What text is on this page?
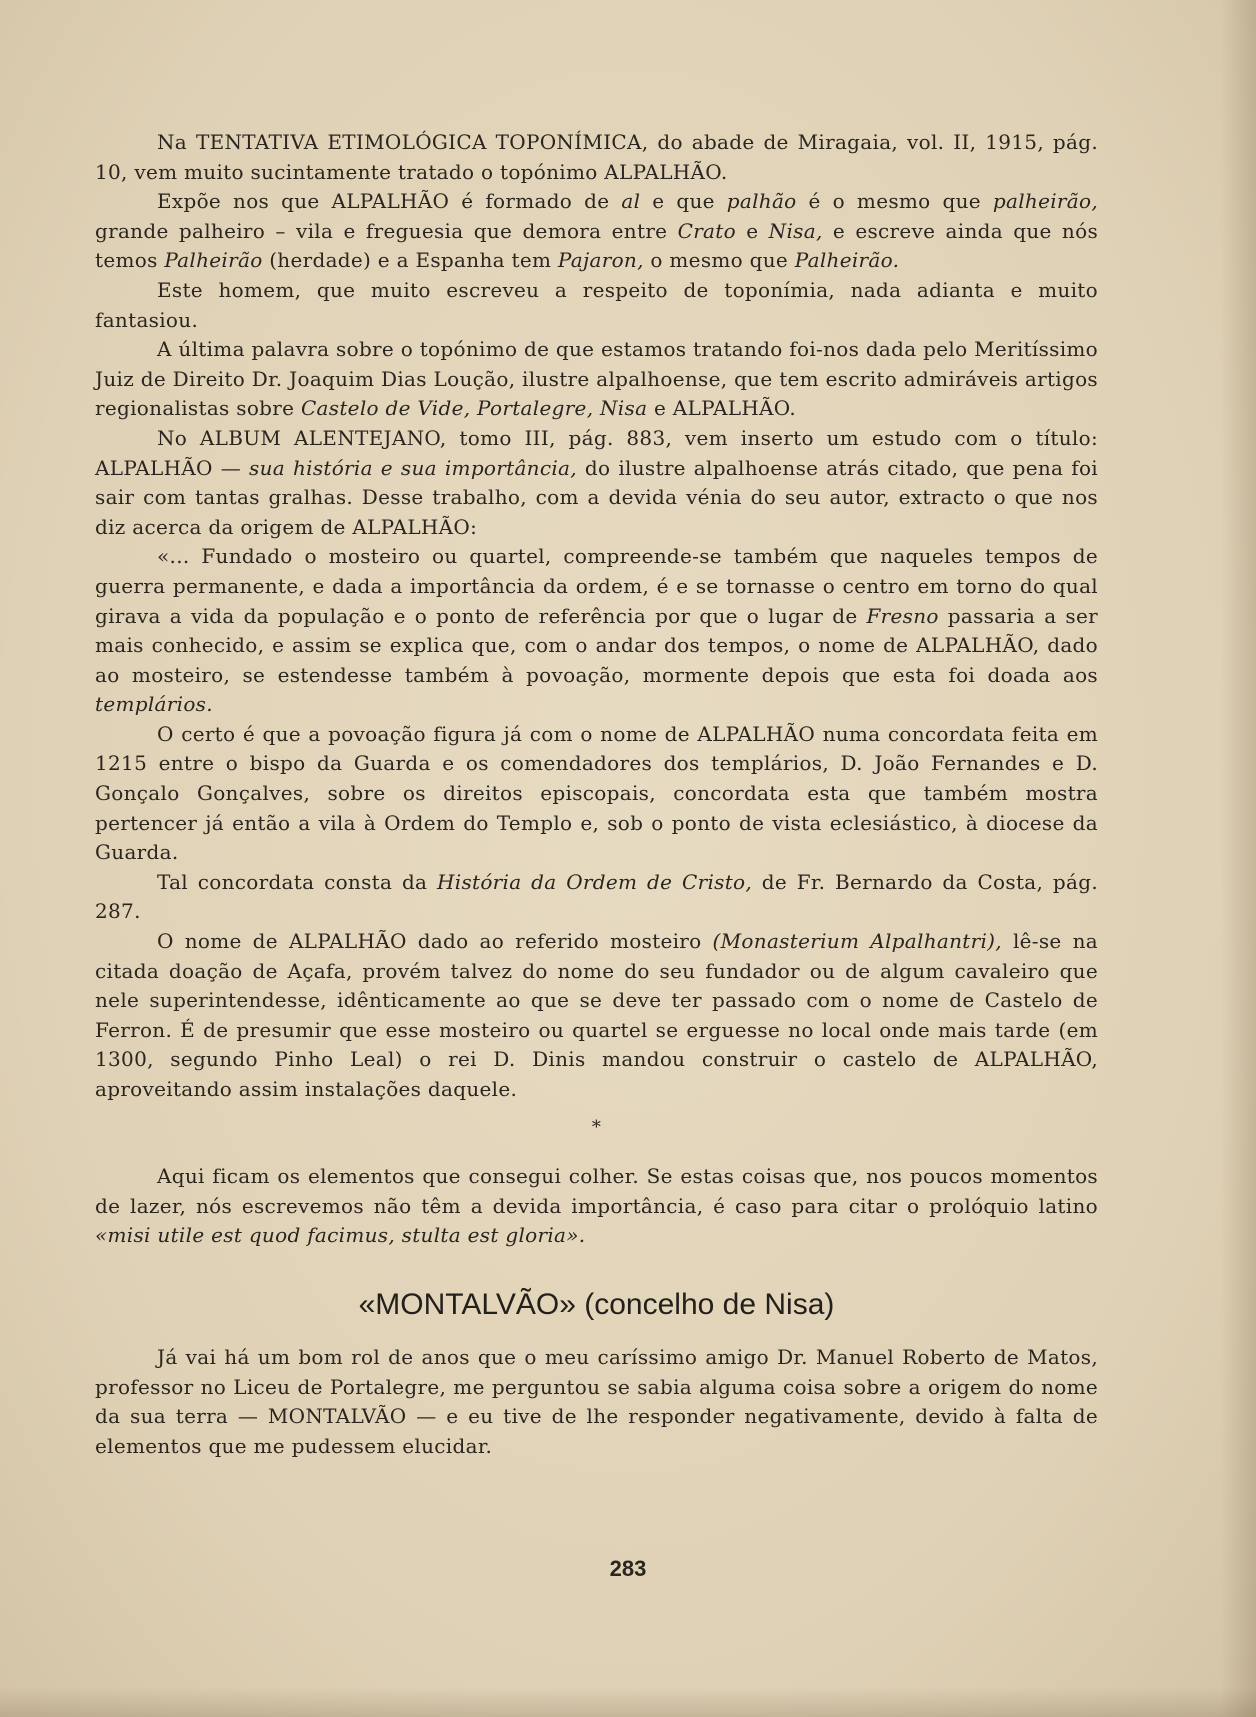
Na TENTATIVA ETIMOLÓGICA TOPONÍMICA, do abade de Miragaia, vol. II, 1915, pág. 10, vem muito sucintamente tratado o topónimo ALPALHÃO.

Expõe nos que ALPALHÃO é formado de al e que palhão é o mesmo que palheirão, grande palheiro – vila e freguesia que demora entre Crato e Nisa, e escreve ainda que nós temos Palheirão (herdade) e a Espanha tem Pajaron, o mesmo que Palheirão.

Este homem, que muito escreveu a respeito de toponímia, nada adianta e muito fantasiou.

A última palavra sobre o topónimo de que estamos tratando foi-nos dada pelo Meritíssimo Juiz de Direito Dr. Joaquim Dias Loução, ilustre alpalhoense, que tem escrito admiráveis artigos regionalistas sobre Castelo de Vide, Portalegre, Nisa e ALPALHÃO.

No ALBUM ALENTEJANO, tomo III, pág. 883, vem inserto um estudo com o título: ALPALHÃO — sua história e sua importância, do ilustre alpalhoense atrás citado, que pena foi sair com tantas gralhas. Desse trabalho, com a devida vénia do seu autor, extracto o que nos diz acerca da origem de ALPALHÃO:

«... Fundado o mosteiro ou quartel, compreende-se também que naqueles tempos de guerra permanente, e dada a importância da ordem, é e se tornasse o centro em torno do qual girava a vida da população e o ponto de referência por que o lugar de Fresno passaria a ser mais conhecido, e assim se explica que, com o andar dos tempos, o nome de ALPALHÃO, dado ao mosteiro, se estendesse também à povoação, mormente depois que esta foi doada aos templários.

O certo é que a povoação figura já com o nome de ALPALHÃO numa concordata feita em 1215 entre o bispo da Guarda e os comendadores dos templários, D. João Fernandes e D. Gonçalo Gonçalves, sobre os direitos episcopais, concordata esta que também mostra pertencer já então a vila à Ordem do Templo e, sob o ponto de vista eclesiástico, à diocese da Guarda.

Tal concordata consta da História da Ordem de Cristo, de Fr. Bernardo da Costa, pág. 287.

O nome de ALPALHÃO dado ao referido mosteiro (Monasterium Alpalhantri), lê-se na citada doação de Açafa, provém talvez do nome do seu fundador ou de algum cavaleiro que nele superintendesse, idênticamente ao que se deve ter passado com o nome de Castelo de Ferron. É de presumir que esse mosteiro ou quartel se erguesse no local onde mais tarde (em 1300, segundo Pinho Leal) o rei D. Dinis mandou construir o castelo de ALPALHÃO, aproveitando assim instalações daquele.

*

Aqui ficam os elementos que consegui colher. Se estas coisas que, nos poucos momentos de lazer, nós escrevemos não têm a devida importância, é caso para citar o prolóquio latino «misi utile est quod facimus, stulta est gloria».

«MONTALVÃO» (concelho de Nisa)

Já vai há um bom rol de anos que o meu caríssimo amigo Dr. Manuel Roberto de Matos, professor no Liceu de Portalegre, me perguntou se sabia alguma coisa sobre a origem do nome da sua terra — MONTALVÃO — e eu tive de lhe responder negativamente, devido à falta de elementos que me pudessem elucidar.

283
